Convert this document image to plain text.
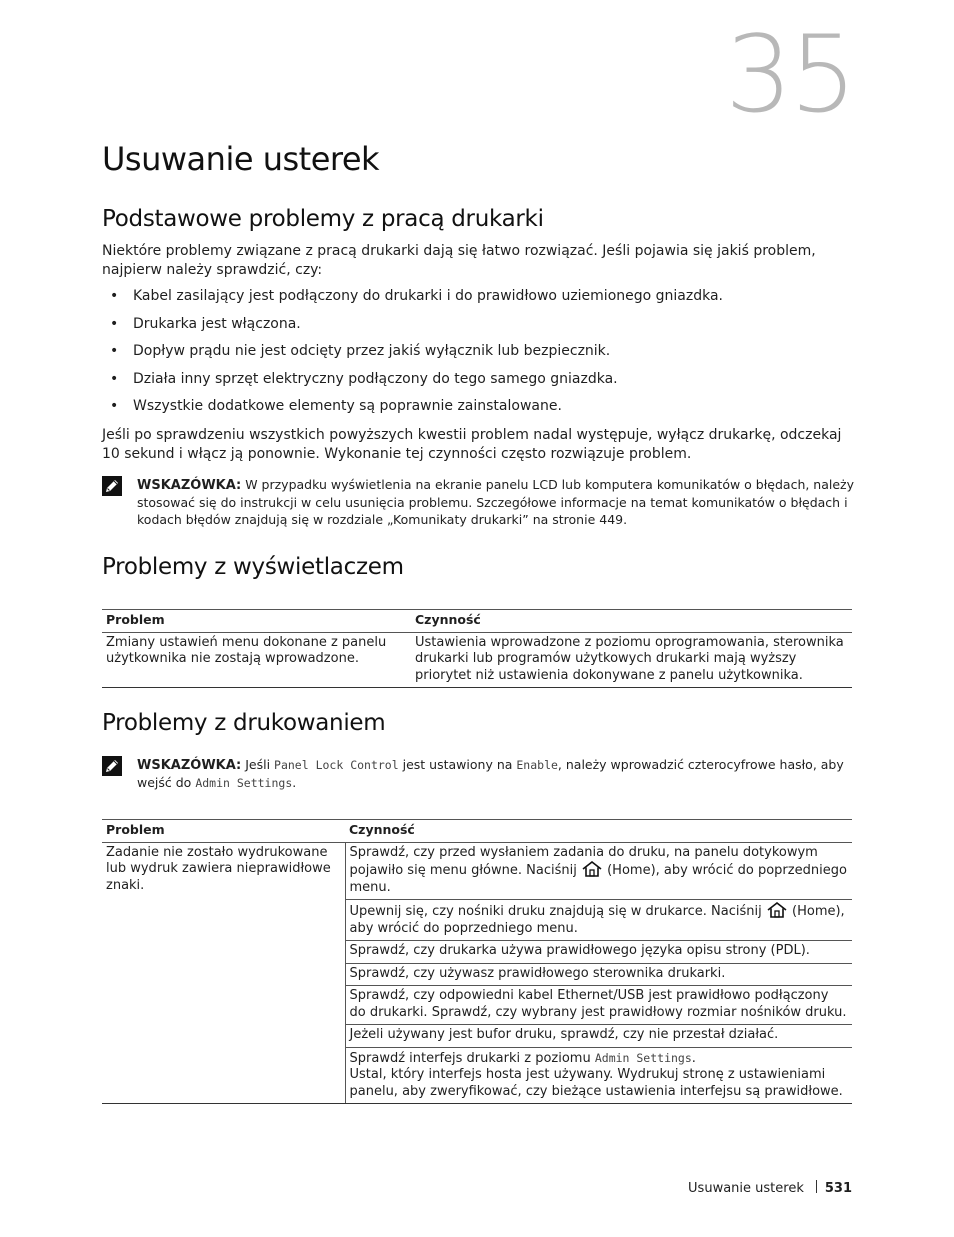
35
Usuwanie usterek
Podstawowe problemy z pracą drukarki

Niektóre problemy związane z pracą drukarki dają się łatwo rozwiązać. Jeśli pojawia się jakiś problem, najpierw należy sprawdzić, czy:

• Kabel zasilający jest podłączony do drukarki i do prawidłowo uziemionego gniazdka.
• Drukarka jest włączona.
• Dopływ prądu nie jest odcięty przez jakiś wyłącznik lub bezpiecznik.
• Działa inny sprzęt elektryczny podłączony do tego samego gniazdka.
• Wszystkie dodatkowe elementy są poprawnie zainstalowane.

Jeśli po sprawdzeniu wszystkich powyższych kwestii problem nadal występuje, wyłącz drukarkę, odczekaj 10 sekund i włącz ją ponownie. Wykonanie tej czynności często rozwiązuje problem.

WSKAZÓWKA: W przypadku wyświetlenia na ekranie panelu LCD lub komputera komunikatów o błędach, należy stosować się do instrukcji w celu usunięcia problemu. Szczegółowe informacje na temat komunikatów o błędach i kodach błędów znajdują się w rozdziale „Komunikaty drukarki” na stronie 449.
Problemy z wyświetlaczem
Problem	Czynność
Zmiany ustawień menu dokonane z panelu użytkownika nie zostają wprowadzone.	Ustawienia wprowadzone z poziomu oprogramowania, sterownika drukarki lub programów użytkowych drukarki mają wyższy priorytet niż ustawienia dokonywane z panelu użytkownika.
Problemy z drukowaniem
WSKAZÓWKA: Jeśli Panel Lock Control jest ustawiony na Enable, należy wprowadzić czterocyfrowe hasło, aby wejść do Admin Settings.
Problem	Czynność
Zadanie nie zostało wydrukowane lub wydruk zawiera nieprawidłowe znaki.	Sprawdź, czy przed wysłaniem zadania do druku, na panelu dotykowym pojawiło się menu główne. Naciśnij  (Home), aby wrócić do poprzedniego menu.
	Upewnij się, czy nośniki druku znajdują się w drukarce. Naciśnij  (Home), aby wrócić do poprzedniego menu.
	Sprawdź, czy drukarka używa prawidłowego języka opisu strony (PDL).
	Sprawdź, czy używasz prawidłowego sterownika drukarki.
	Sprawdź, czy odpowiedni kabel Ethernet/USB jest prawidłowo podłączony do drukarki. Sprawdź, czy wybrany jest prawidłowy rozmiar nośników druku.
	Jeżeli używany jest bufor druku, sprawdź, czy nie przestał działać.
	Sprawdź interfejs drukarki z poziomu Admin Settings.
Ustal, który interfejs hosta jest używany. Wydrukuj stronę z ustawieniami panelu, aby zweryfikować, czy bieżące ustawienia interfejsu są prawidłowe.
Usuwanie usterek 531
